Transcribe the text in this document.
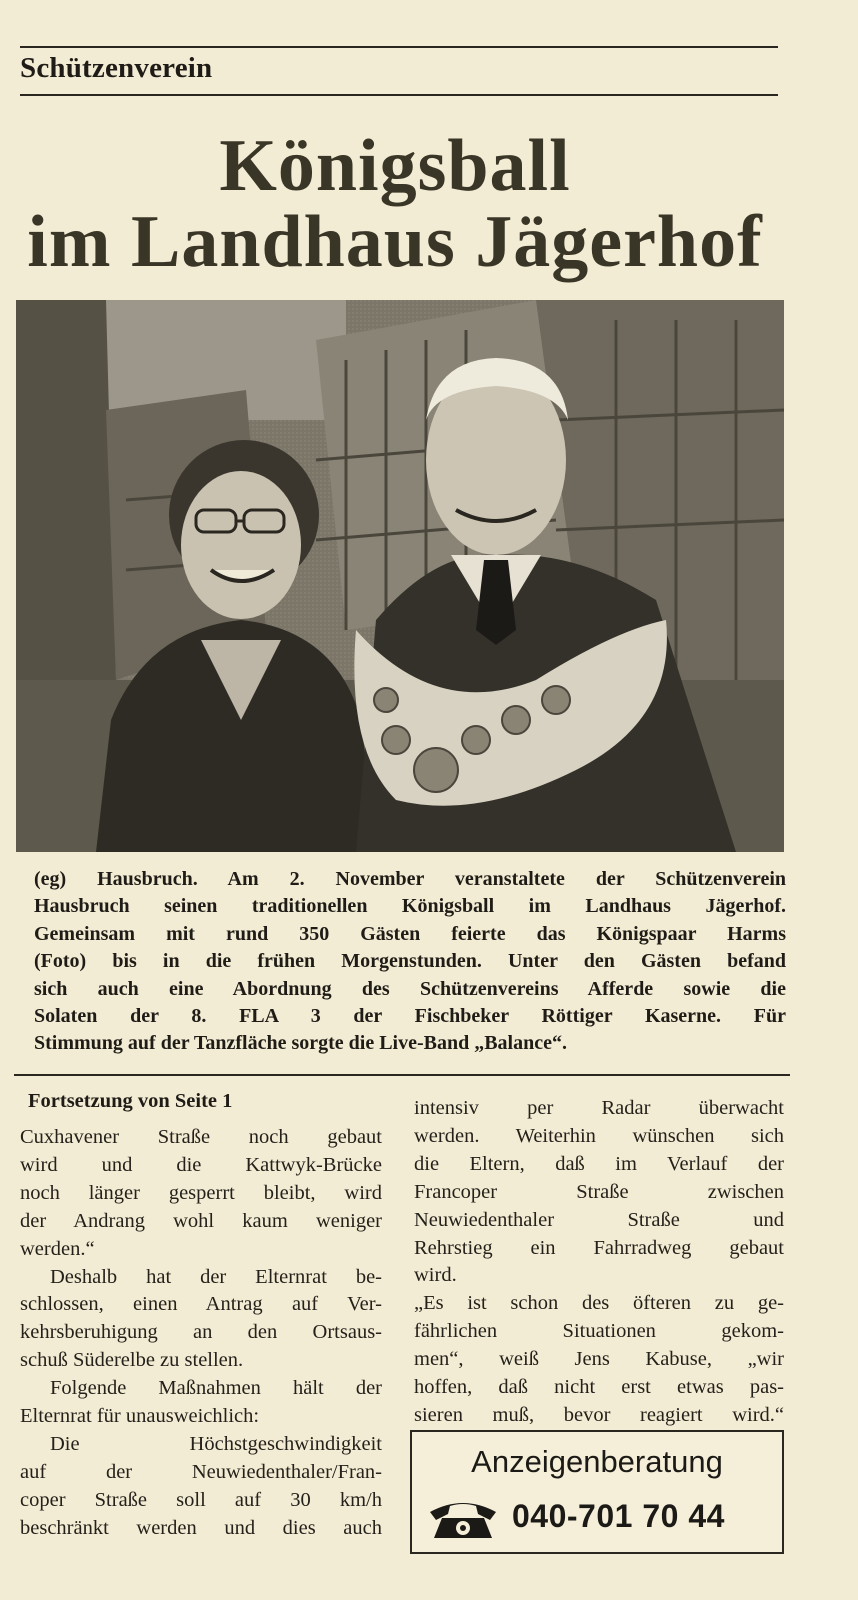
Schützenverein
Königsball
im Landhaus Jägerhof
(eg) Hausbruch. Am 2. November veranstaltete der Schützenverein
Hausbruch seinen traditionellen Königsball im Landhaus Jägerhof.
Gemeinsam mit rund 350 Gästen feierte das Königspaar Harms
(Foto) bis in die frühen Morgenstunden. Unter den Gästen befand
sich auch eine Abordnung des Schützenvereins Afferde sowie die
Solaten der 8. FLA 3 der Fischbeker Röttiger Kaserne. Für
Stimmung auf der Tanzfläche sorgte die Live-Band „Balance“.
Fortsetzung von Seite 1

Cuxhavener Straße noch gebaut

wird und die Kattwyk-Brücke

noch länger gesperrt bleibt, wird

der Andrang wohl kaum weniger

werden.“

Deshalb hat der Elternrat be-

schlossen, einen Antrag auf Ver-

kehrsberuhigung an den Ortsaus-

schuß Süderelbe zu stellen.

Folgende Maßnahmen hält der

Elternrat für unausweichlich:

Die Höchstgeschwindigkeit

auf der Neuwiedenthaler/Fran-

coper Straße soll auf 30 km/h

beschränkt werden und dies auch

intensiv per Radar überwacht

werden. Weiterhin wünschen sich

die Eltern, daß im Verlauf der

Francoper Straße zwischen

Neuwiedenthaler Straße und

Rehrstieg ein Fahrradweg gebaut

wird.

„Es ist schon des öfteren zu ge-

fährlichen Situationen gekom-

men“, weiß Jens Kabuse, „wir

hoffen, daß nicht erst etwas pas-

sieren muß, bevor reagiert wird.“

Anzeigenberatung
040-701 70 44
